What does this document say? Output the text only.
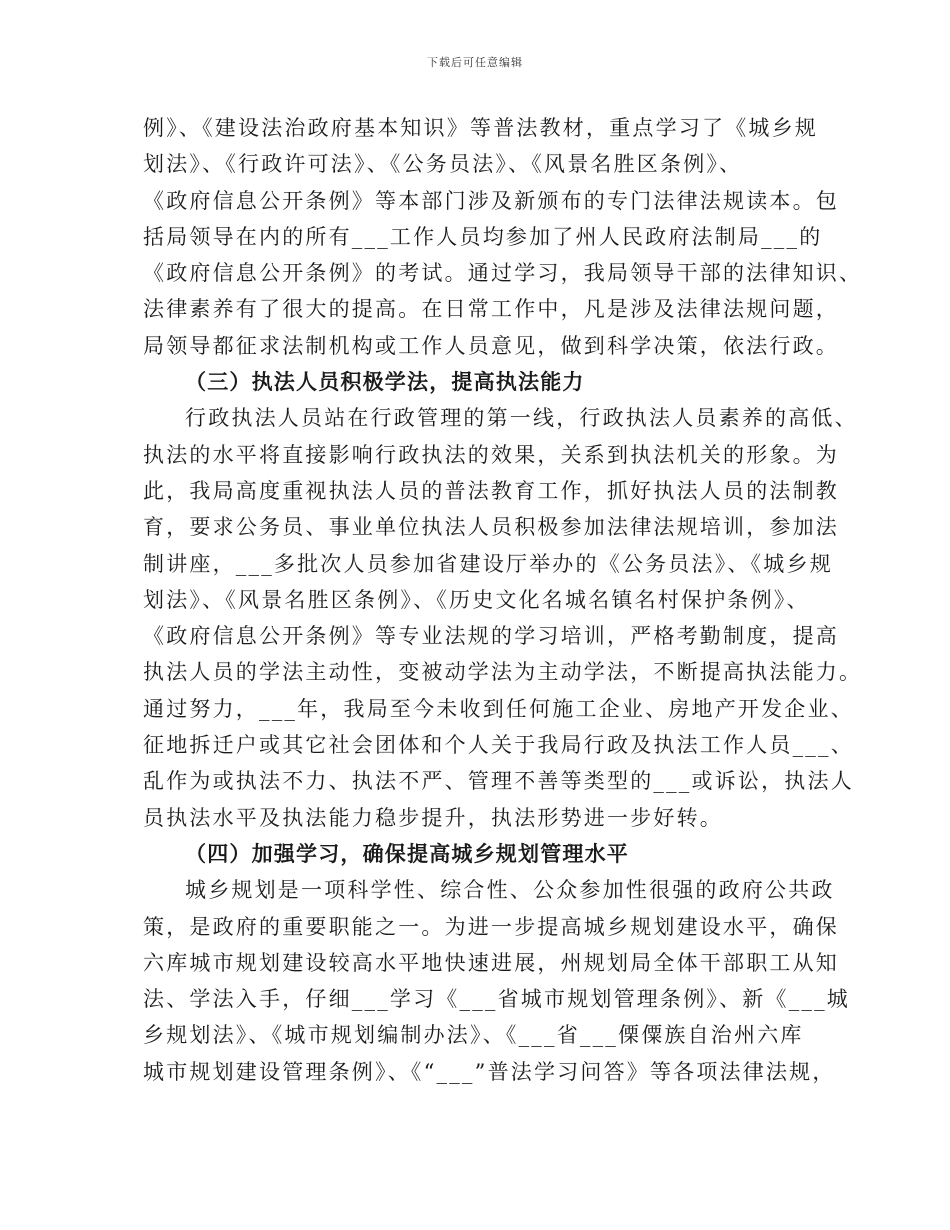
下载后可任意编辑
例》、《建设法治政府基本知识》等普法教材，重点学习了《城乡规
划法》、《行政许可法》、《公务员法》、《风景名胜区条例》、
《政府信息公开条例》等本部门涉及新颁布的专门法律法规读本。包
括局领导在内的所有___工作人员均参加了州人民政府法制局___的
《政府信息公开条例》的考试。通过学习，我局领导干部的法律知识、
法律素养有了很大的提高。在日常工作中，凡是涉及法律法规问题，
局领导都征求法制机构或工作人员意见，做到科学决策，依法行政。
（三）执法人员积极学法，提高执法能力
行政执法人员站在行政管理的第一线，行政执法人员素养的高低、
执法的水平将直接影响行政执法的效果，关系到执法机关的形象。为
此，我局高度重视执法人员的普法教育工作，抓好执法人员的法制教
育，要求公务员、事业单位执法人员积极参加法律法规培训，参加法
制讲座，___多批次人员参加省建设厅举办的《公务员法》、《城乡规
划法》、《风景名胜区条例》、《历史文化名城名镇名村保护条例》、
《政府信息公开条例》等专业法规的学习培训，严格考勤制度，提高
执法人员的学法主动性，变被动学法为主动学法，不断提高执法能力。
通过努力，___年，我局至今未收到任何施工企业、房地产开发企业、
征地拆迁户或其它社会团体和个人关于我局行政及执法工作人员___、
乱作为或执法不力、执法不严、管理不善等类型的___或诉讼，执法人
员执法水平及执法能力稳步提升，执法形势进一步好转。
（四）加强学习，确保提高城乡规划管理水平
城乡规划是一项科学性、综合性、公众参加性很强的政府公共政
策，是政府的重要职能之一。为进一步提高城乡规划建设水平，确保
六库城市规划建设较高水平地快速进展，州规划局全体干部职工从知
法、学法入手，仔细___学习《___省城市规划管理条例》、新《___城
乡规划法》、《城市规划编制办法》、《___省___傈僳族自治州六库
城市规划建设管理条例》、《“___”普法学习问答》等各项法律法规，
